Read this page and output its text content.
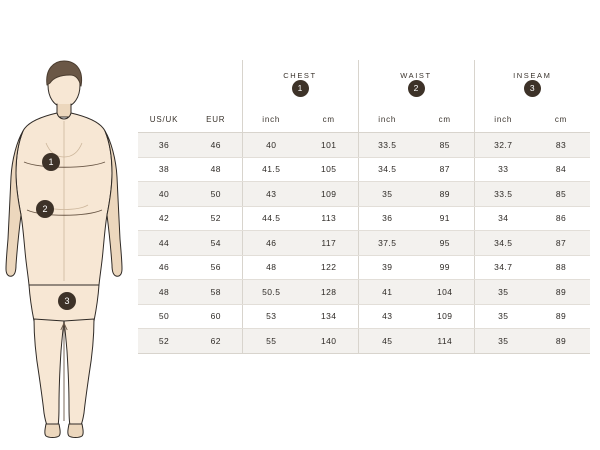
1
2
3
		CHEST		WAIST		INSEAM	
		1		2		3	
US/UK	EUR	inch	cm	inch	cm	inch	cm
36	46	40	101	33.5	85	32.7	83
38	48	41.5	105	34.5	87	33	84
40	50	43	109	35	89	33.5	85
42	52	44.5	113	36	91	34	86
44	54	46	117	37.5	95	34.5	87
46	56	48	122	39	99	34.7	88
48	58	50.5	128	41	104	35	89
50	60	53	134	43	109	35	89
52	62	55	140	45	114	35	89
